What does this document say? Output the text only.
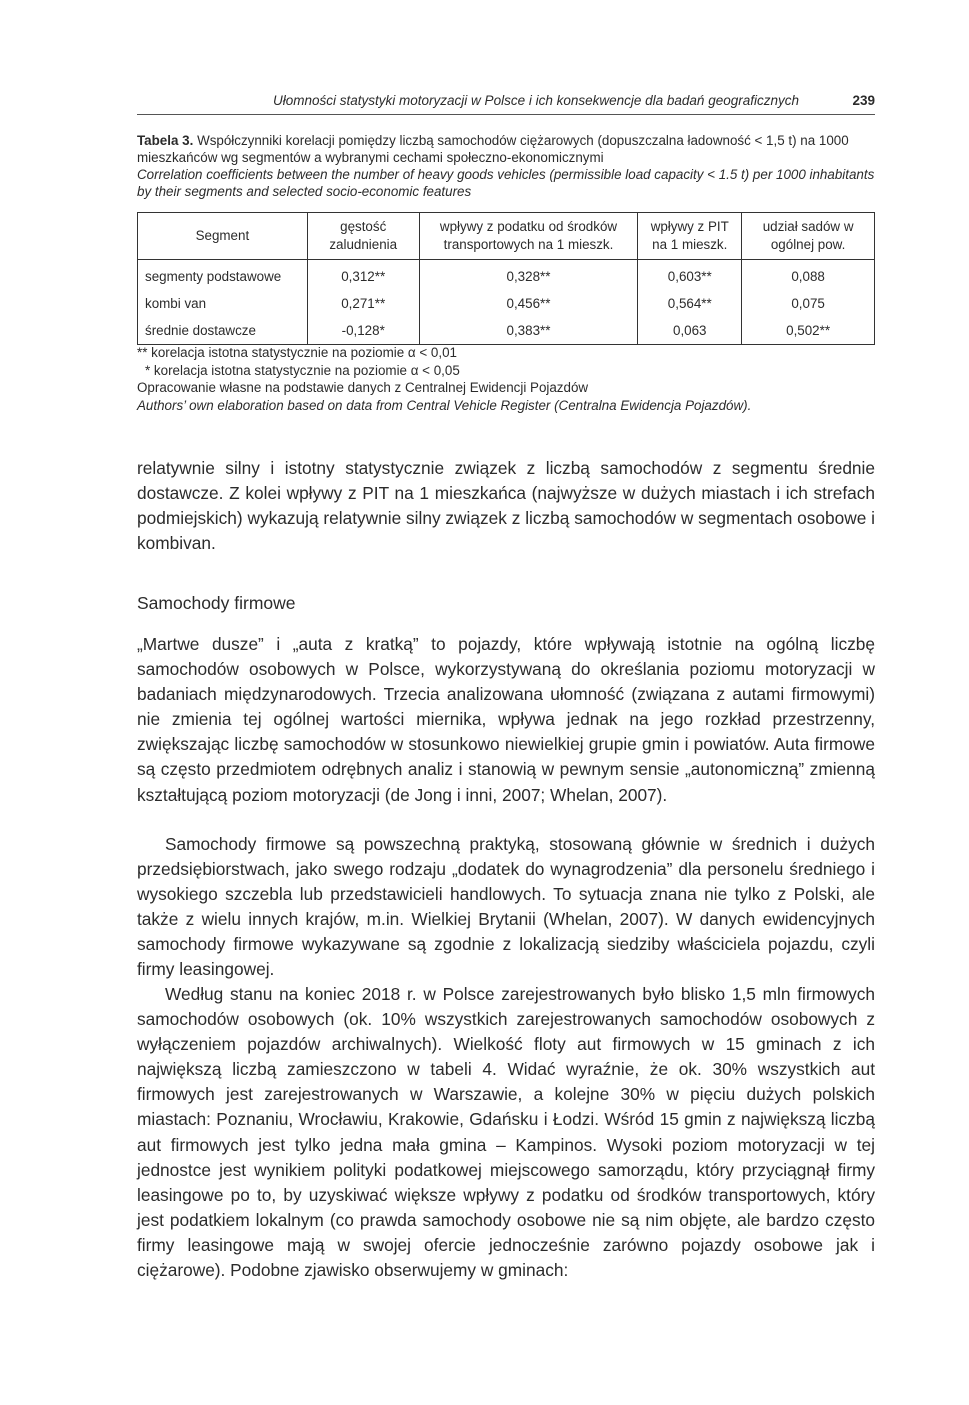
Ułomności statystyki motoryzacji w Polsce i ich konsekwencje dla badań geograficznych	239
Tabela 3. Współczynniki korelacji pomiędzy liczbą samochodów ciężarowych (dopuszczalna ładowność < 1,5 t) na 1000 mieszkańców wg segmentów a wybranymi cechami społeczno-ekonomicznymi
Correlation coefficients between the number of heavy goods vehicles (permissible load capacity < 1.5 t) per 1000 inhabitants by their segments and selected socio-economic features
Segment	gęstość zaludnienia	wpływy z podatku od środków transportowych na 1 mieszk.	wpływy z PIT na 1 mieszk.	udział sadów w ogólnej pow.
segmenty podstawowe	0,312**	0,328**	0,603**	0,088
kombi van	0,271**	0,456**	0,564**	0,075
średnie dostawcze	-0,128*	0,383**	0,063	0,502**
** korelacja istotna statystycznie na poziomie α < 0,01
* korelacja istotna statystycznie na poziomie α < 0,05
Opracowanie własne na podstawie danych z Centralnej Ewidencji Pojazdów
Authors’ own elaboration based on data from Central Vehicle Register (Centralna Ewidencja Pojazdów).

relatywnie silny i istotny statystycznie związek z liczbą samochodów z segmentu średnie dostawcze. Z kolei wpływy z PIT na 1 mieszkańca (najwyższe w dużych miastach i ich strefach podmiejskich) wykazują relatywnie silny związek z liczbą samochodów w segmentach osobowe i kombivan.

Samochody firmowe

„Martwe dusze” i „auta z kratką” to pojazdy, które wpływają istotnie na ogólną liczbę samochodów osobowych w Polsce, wykorzystywaną do określania poziomu motoryzacji w badaniach międzynarodowych. Trzecia analizowana ułomność (związana z autami firmowymi) nie zmienia tej ogólnej wartości miernika, wpływa jednak na jego rozkład przestrzenny, zwiększając liczbę samochodów w stosunkowo niewielkiej grupie gmin i powiatów. Auta firmowe są często przedmiotem odrębnych analiz i stanowią w pewnym sensie „autonomiczną” zmienną kształtującą poziom motoryzacji (de Jong i inni, 2007; Whelan, 2007).

Samochody firmowe są powszechną praktyką, stosowaną głównie w średnich i dużych przedsiębiorstwach, jako swego rodzaju „dodatek do wynagrodzenia” dla personelu średniego i wysokiego szczebla lub przedstawicieli handlowych. To sytuacja znana nie tylko z Polski, ale także z wielu innych krajów, m.in. Wielkiej Brytanii (Whelan, 2007). W danych ewidencyjnych samochody firmowe wykazywane są zgodnie z lokalizacją siedziby właściciela pojazdu, czyli firmy leasingowej.

Według stanu na koniec 2018 r. w Polsce zarejestrowanych było blisko 1,5 mln firmowych samochodów osobowych (ok. 10% wszystkich zarejestrowanych samochodów osobowych z wyłączeniem pojazdów archiwalnych). Wielkość floty aut firmowych w 15 gminach z ich największą liczbą zamieszczono w tabeli 4. Widać wyraźnie, że ok. 30% wszystkich aut firmowych jest zarejestrowanych w Warszawie, a kolejne 30% w pięciu dużych polskich miastach: Poznaniu, Wrocławiu, Krakowie, Gdańsku i Łodzi. Wśród 15 gmin z największą liczbą aut firmowych jest tylko jedna mała gmina – Kampinos. Wysoki poziom motoryzacji w tej jednostce jest wynikiem polityki podatkowej miejscowego samorządu, który przyciągnął firmy leasingowe po to, by uzyskiwać większe wpływy z podatku od środków transportowych, który jest podatkiem lokalnym (co prawda samochody osobowe nie są nim objęte, ale bardzo często firmy leasingowe mają w swojej ofercie jednocześnie zarówno pojazdy osobowe jak i ciężarowe). Podobne zjawisko obserwujemy w gminach:
